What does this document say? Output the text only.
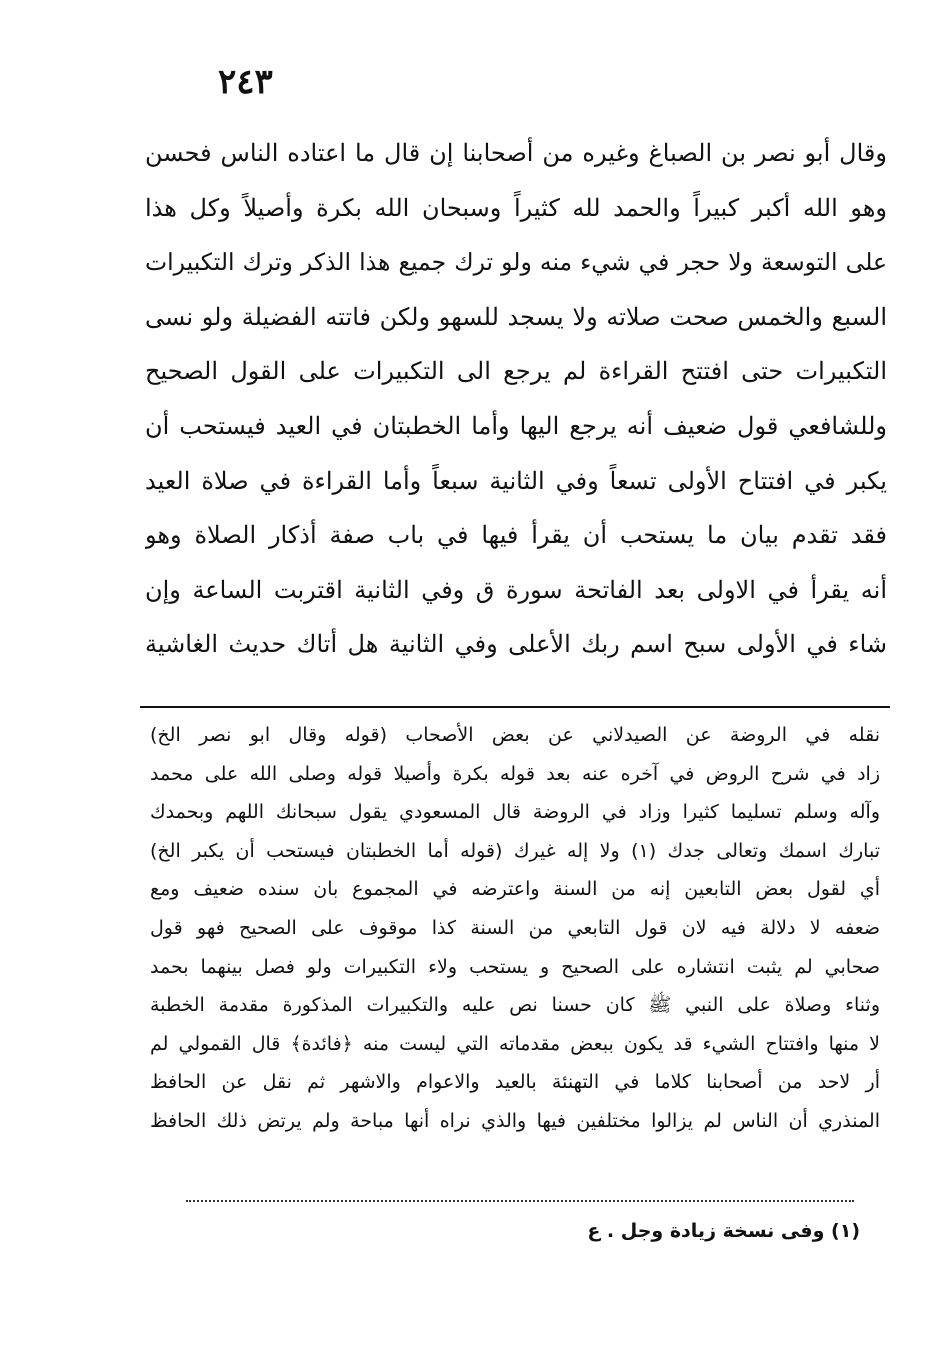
٢٤٣
وقال أبو نصر بن الصباغ وغيره من أصحابنا إن قال ما اعتاده الناس فحسن
وهو الله أكبر كبيراً والحمد لله كثيراً وسبحان الله بكرة وأصيلاً وكل هذا
على التوسعة ولا حجر في شيء منه ولو ترك جميع هذا الذكر وترك التكبيرات
السبع والخمس صحت صلاته ولا يسجد للسهو ولكن فاتته الفضيلة ولو نسى
التكبيرات حتى افتتح القراءة لم يرجع الى التكبيرات على القول الصحيح
وللشافعي قول ضعيف أنه يرجع اليها وأما الخطبتان في العيد فيستحب أن
يكبر في افتتاح الأولى تسعاً وفي الثانية سبعاً وأما القراءة في صلاة العيد
فقد تقدم بيان ما يستحب أن يقرأ فيها في باب صفة أذكار الصلاة وهو
أنه يقرأ في الاولى بعد الفاتحة سورة ق وفي الثانية اقتربت الساعة وإن
شاء في الأولى سبح اسم ربك الأعلى وفي الثانية هل أتاك حديث الغاشية
نقله في الروضة عن الصيدلاني عن بعض الأصحاب (قوله وقال ابو نصر الخ)
زاد في شرح الروض في آخره عنه بعد قوله بكرة وأصيلا قوله وصلى الله على محمد
وآله وسلم تسليما كثيرا وزاد في الروضة قال المسعودي يقول سبحانك اللهم وبحمدك
تبارك اسمك وتعالى جدك (١) ولا إله غيرك (قوله أما الخطبتان فيستحب أن يكبر الخ)
أي لقول بعض التابعين إنه من السنة واعترضه في المجموع بان سنده ضعيف ومع
ضعفه لا دلالة فيه لان قول التابعي من السنة كذا موقوف على الصحيح فهو قول
صحابي لم يثبت انتشاره على الصحيح و يستحب ولاء التكبيرات ولو فصل بينهما بحمد
وثناء وصلاة على النبي ﷺ كان حسنا نص عليه والتكبيرات المذكورة مقدمة الخطبة
لا منها وافتتاح الشيء قد يكون ببعض مقدماته التي ليست منه ﴿فائدة﴾ قال القمولي لم
أر لاحد من أصحابنا كلاما في التهنئة بالعيد والاعوام والاشهر ثم نقل عن الحافظ
المنذري أن الناس لم يزالوا مختلفين فيها والذي نراه أنها مباحة ولم يرتض ذلك الحافظ
(١) وفى نسخة زيادة وجل . ع
